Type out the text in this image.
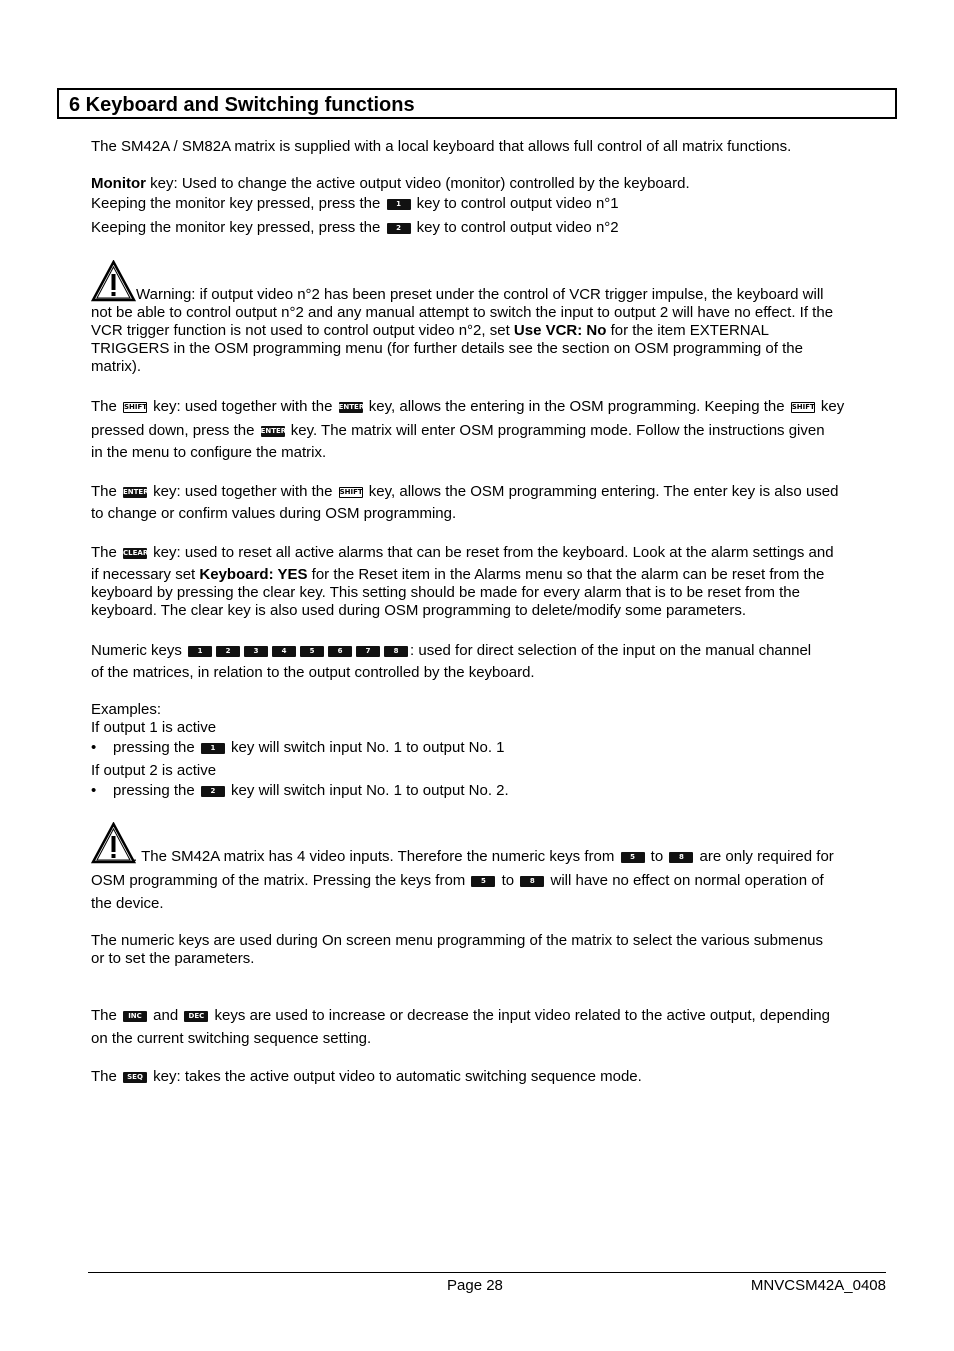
6 Keyboard and Switching functions
The SM42A / SM82A matrix is supplied with a local keyboard that allows full control of all matrix functions.
Monitor key: Used to change the active output video (monitor) controlled by the keyboard.
Keeping the monitor key pressed, press the 1 key to control output video n°1
Keeping the monitor key pressed, press the 2 key to control output video n°2
Warning: if output video n°2 has been preset under the control of VCR trigger impulse, the keyboard will
not be able to control output n°2 and any manual attempt to switch the input to output 2 will have no effect. If the
VCR trigger function is not used to control output video n°2, set Use VCR: No for the item EXTERNAL
TRIGGERS in the OSM programming menu (for further details see the section on OSM programming of the
matrix).
The SHIFT key: used together with the ENTER key, allows the entering in the OSM programming. Keeping the SHIFT key
pressed down, press the ENTER key. The matrix will enter OSM programming mode. Follow the instructions given
in the menu to configure the matrix.
The ENTER key: used together with the SHIFT key, allows the OSM programming entering. The enter key is also used
to change or confirm values during OSM programming.
The CLEAR key: used to reset all active alarms that can be reset from the keyboard. Look at the alarm settings and
if necessary set Keyboard: YES for the Reset item in the Alarms menu so that the alarm can be reset from the
keyboard by pressing the clear key. This setting should be made for every alarm that is to be reset from the
keyboard. The clear key is also used during OSM programming to delete/modify some parameters.
Numeric keys 1	2	3	4	5	6	7	8 : used for direct selection of the input on the manual channel
of the matrices, in relation to the output controlled by the keyboard.
Examples:
If output 1 is active
• pressing the 1 key will switch input No. 1 to output No. 1
If output 2 is active
• pressing the 2 key will switch input No. 1 to output No. 2.
. The SM42A matrix has 4 video inputs. Therefore the numeric keys from 5 to 8 are only required for
OSM programming of the matrix. Pressing the keys from 5 to 8 will have no effect on normal operation of
the device.
The numeric keys are used during On screen menu programming of the matrix to select the various submenus
or to set the parameters.
The INC and DEC keys are used to increase or decrease the input video related to the active output, depending
on the current switching sequence setting.
The SEQ key: takes the active output video to automatic switching sequence mode.
Page 28	MNVCSM42A_0408
